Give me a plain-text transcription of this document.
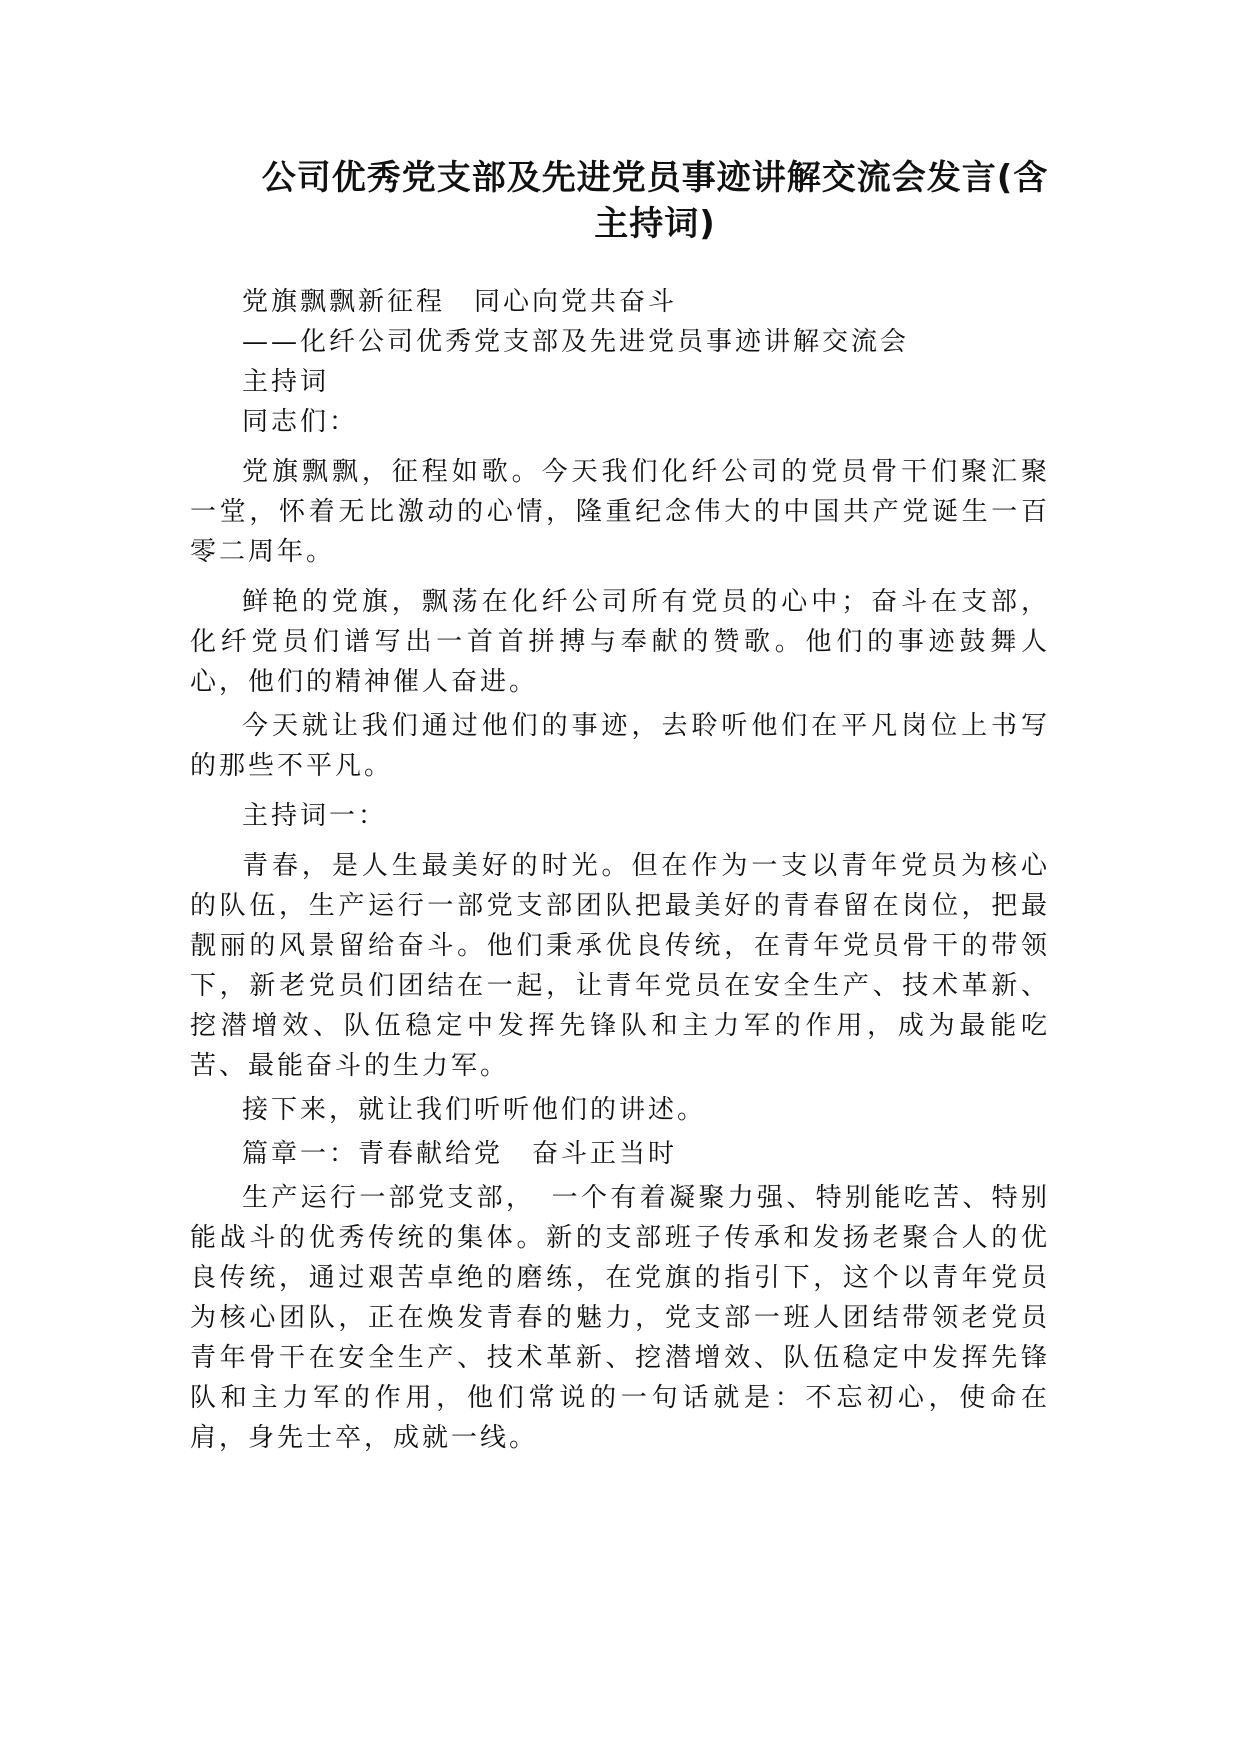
公司优秀党支部及先进党员事迹讲解交流会发言(含主持词)

党旗飘飘新征程　同心向党共奋斗

——化纤公司优秀党支部及先进党员事迹讲解交流会

主持词

同志们：

党旗飘飘，征程如歌。今天我们化纤公司的党员骨干们聚汇聚一堂，怀着无比激动的心情，隆重纪念伟大的中国共产党诞生一百零二周年。

鲜艳的党旗，飘荡在化纤公司所有党员的心中；奋斗在支部，化纤党员们谱写出一首首拼搏与奉献的赞歌。他们的事迹鼓舞人心，他们的精神催人奋进。

今天就让我们通过他们的事迹，去聆听他们在平凡岗位上书写的那些不平凡。

主持词一：

青春，是人生最美好的时光。但在作为一支以青年党员为核心的队伍，生产运行一部党支部团队把最美好的青春留在岗位，把最靓丽的风景留给奋斗。他们秉承优良传统，在青年党员骨干的带领下，新老党员们团结在一起，让青年党员在安全生产、技术革新、挖潜增效、队伍稳定中发挥先锋队和主力军的作用，成为最能吃苦、最能奋斗的生力军。

接下来，就让我们听听他们的讲述。

篇章一：青春献给党　奋斗正当时

生产运行一部党支部，　一个有着凝聚力强、特别能吃苦、特别能战斗的优秀传统的集体。新的支部班子传承和发扬老聚合人的优良传统，通过艰苦卓绝的磨练，在党旗的指引下，这个以青年党员为核心团队，正在焕发青春的魅力，党支部一班人团结带领老党员青年骨干在安全生产、技术革新、挖潜增效、队伍稳定中发挥先锋队和主力军的作用，他们常说的一句话就是：不忘初心，使命在肩，身先士卒，成就一线。
